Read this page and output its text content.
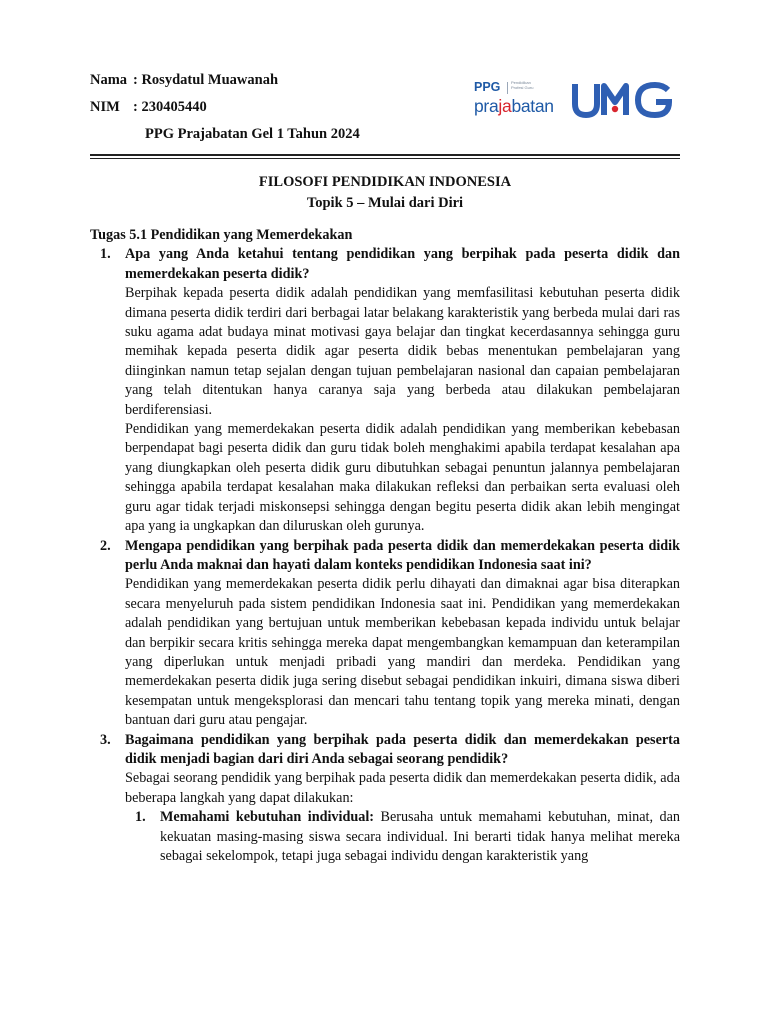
Nama : Rosydatul Muawanah
NIM : 230405440
PPG Prajabatan Gel 1 Tahun 2024
PPG	Pendidikan Profesi Guru
prajabatan
FILOSOFI PENDIDIKAN INDONESIA
Topik 5 – Mulai dari Diri

Tugas 5.1 Pendidikan yang Memerdekakan

1. Apa yang Anda ketahui tentang pendidikan yang berpihak pada peserta didik dan memerdekakan peserta didik?

Berpihak kepada peserta didik adalah pendidikan yang memfasilitasi kebutuhan peserta didik dimana peserta didik terdiri dari berbagai latar belakang karakteristik yang berbeda mulai dari ras suku agama adat budaya minat motivasi gaya belajar dan tingkat kecerdasannya sehingga guru memihak kepada peserta didik agar peserta didik bebas menentukan pembelajaran yang diinginkan namun tetap sejalan dengan tujuan pembelajaran nasional dan capaian pembelajaran yang telah ditentukan hanya caranya saja yang berbeda atau dilakukan pembelajaran berdiferensiasi.

Pendidikan yang memerdekakan peserta didik adalah pendidikan yang memberikan kebebasan berpendapat bagi peserta didik dan guru tidak boleh menghakimi apabila terdapat kesalahan apa yang diungkapkan oleh peserta didik guru dibutuhkan sebagai penuntun jalannya pembelajaran sehingga apabila terdapat kesalahan maka dilakukan refleksi dan perbaikan serta evaluasi oleh guru agar tidak terjadi miskonsepsi sehingga dengan begitu peserta didik akan lebih mengingat apa yang ia ungkapkan dan diluruskan oleh gurunya.

2. Mengapa pendidikan yang berpihak pada peserta didik dan memerdekakan peserta didik perlu Anda maknai dan hayati dalam konteks pendidikan Indonesia saat ini?

Pendidikan yang memerdekakan peserta didik perlu dihayati dan dimaknai agar bisa diterapkan secara menyeluruh pada sistem pendidikan Indonesia saat ini. Pendidikan yang memerdekakan adalah pendidikan yang bertujuan untuk memberikan kebebasan kepada individu untuk belajar dan berpikir secara kritis sehingga mereka dapat mengembangkan kemampuan dan keterampilan yang diperlukan untuk menjadi pribadi yang mandiri dan merdeka. Pendidikan yang memerdekakan peserta didik juga sering disebut sebagai pendidikan inkuiri, dimana siswa diberi kesempatan untuk mengeksplorasi dan mencari tahu tentang topik yang mereka minati, dengan bantuan dari guru atau pengajar.

3. Bagaimana pendidikan yang berpihak pada peserta didik dan memerdekakan peserta didik menjadi bagian dari diri Anda sebagai seorang pendidik?

Sebagai seorang pendidik yang berpihak pada peserta didik dan memerdekakan peserta didik, ada beberapa langkah yang dapat dilakukan:

1. Memahami kebutuhan individual: Berusaha untuk memahami kebutuhan, minat, dan kekuatan masing-masing siswa secara individual. Ini berarti tidak hanya melihat mereka sebagai sekelompok, tetapi juga sebagai individu dengan karakteristik yang
